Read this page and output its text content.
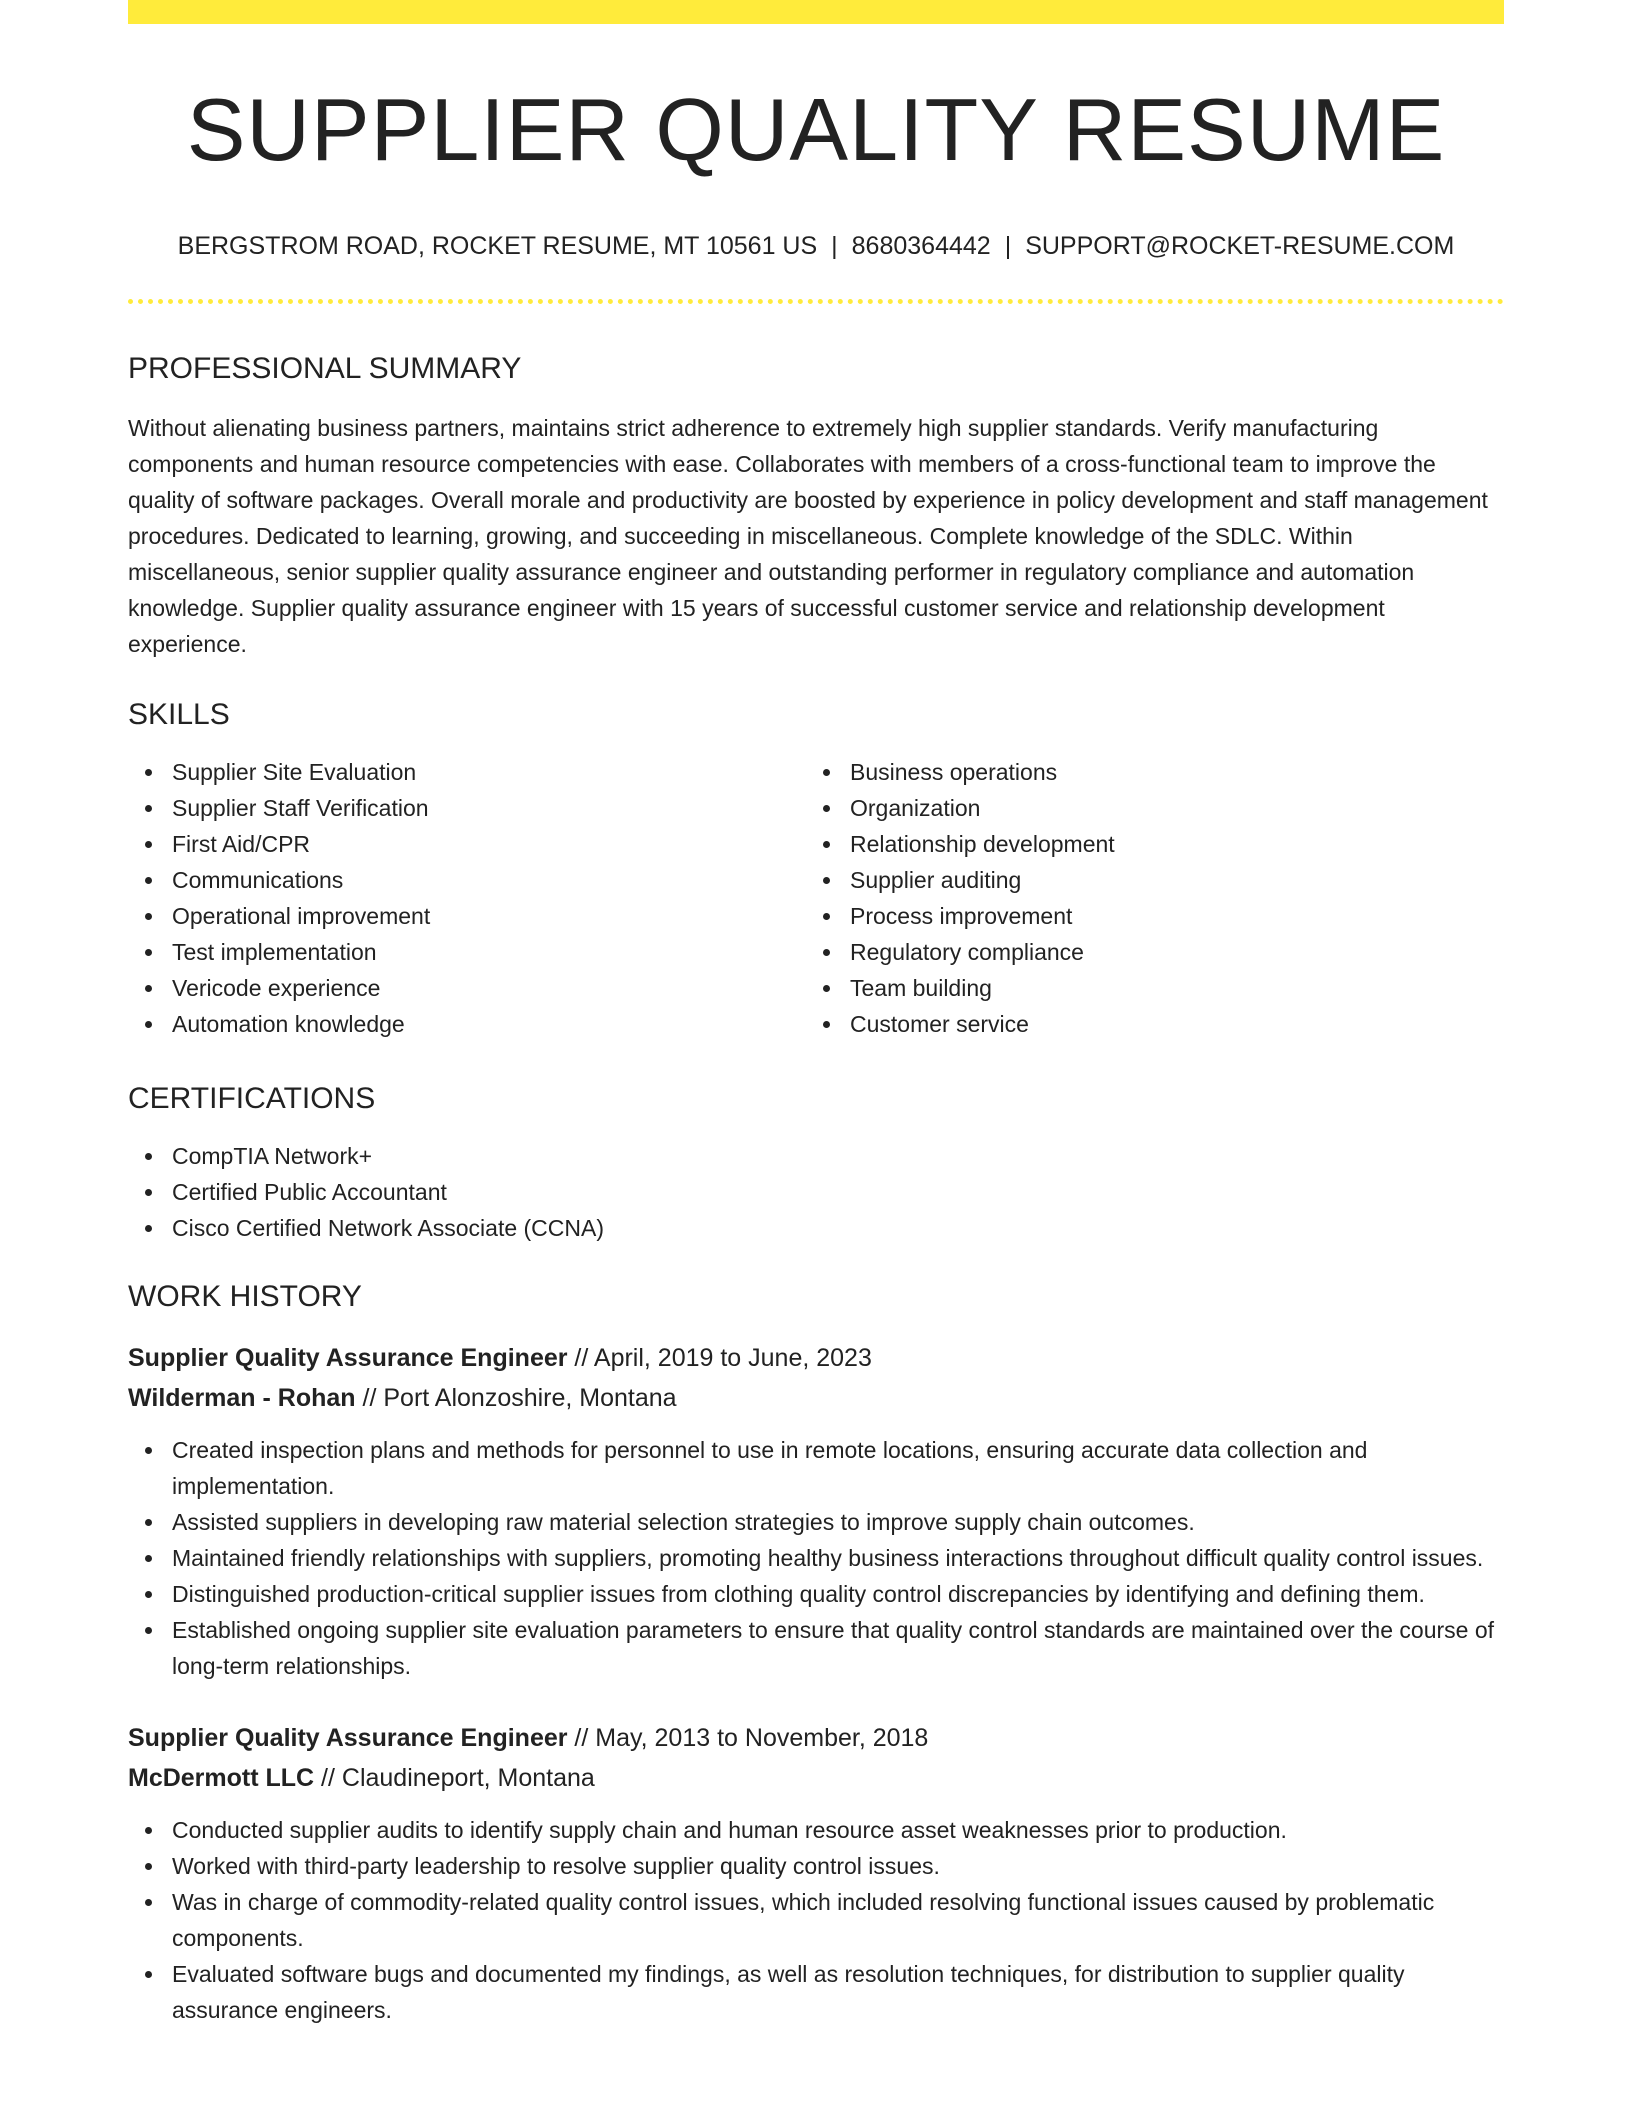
SUPPLIER QUALITY RESUME
BERGSTROM ROAD, ROCKET RESUME, MT 10561 US | 8680364442 | SUPPORT@ROCKET-RESUME.COM
PROFESSIONAL SUMMARY

Without alienating business partners, maintains strict adherence to extremely high supplier standards. Verify manufacturing components and human resource competencies with ease. Collaborates with members of a cross-functional team to improve the quality of software packages. Overall morale and productivity are boosted by experience in policy development and staff management procedures. Dedicated to learning, growing, and succeeding in miscellaneous. Complete knowledge of the SDLC. Within miscellaneous, senior supplier quality assurance engineer and outstanding performer in regulatory compliance and automation knowledge. Supplier quality assurance engineer with 15 years of successful customer service and relationship development experience.

SKILLS
Supplier Site Evaluation
Supplier Staff Verification
First Aid/CPR
Communications
Operational improvement
Test implementation
Vericode experience
Automation knowledge
Business operations
Organization
Relationship development
Supplier auditing
Process improvement
Regulatory compliance
Team building
Customer service
CERTIFICATIONS
CompTIA Network+
Certified Public Accountant
Cisco Certified Network Associate (CCNA)
WORK HISTORY
Supplier Quality Assurance Engineer // April, 2019 to June, 2023
Wilderman - Rohan // Port Alonzoshire, Montana
Created inspection plans and methods for personnel to use in remote locations, ensuring accurate data collection and implementation.
Assisted suppliers in developing raw material selection strategies to improve supply chain outcomes.
Maintained friendly relationships with suppliers, promoting healthy business interactions throughout difficult quality control issues.
Distinguished production-critical supplier issues from clothing quality control discrepancies by identifying and defining them.
Established ongoing supplier site evaluation parameters to ensure that quality control standards are maintained over the course of long-term relationships.
Supplier Quality Assurance Engineer // May, 2013 to November, 2018
McDermott LLC // Claudineport, Montana
Conducted supplier audits to identify supply chain and human resource asset weaknesses prior to production.
Worked with third-party leadership to resolve supplier quality control issues.
Was in charge of commodity-related quality control issues, which included resolving functional issues caused by problematic components.
Evaluated software bugs and documented my findings, as well as resolution techniques, for distribution to supplier quality assurance engineers.
